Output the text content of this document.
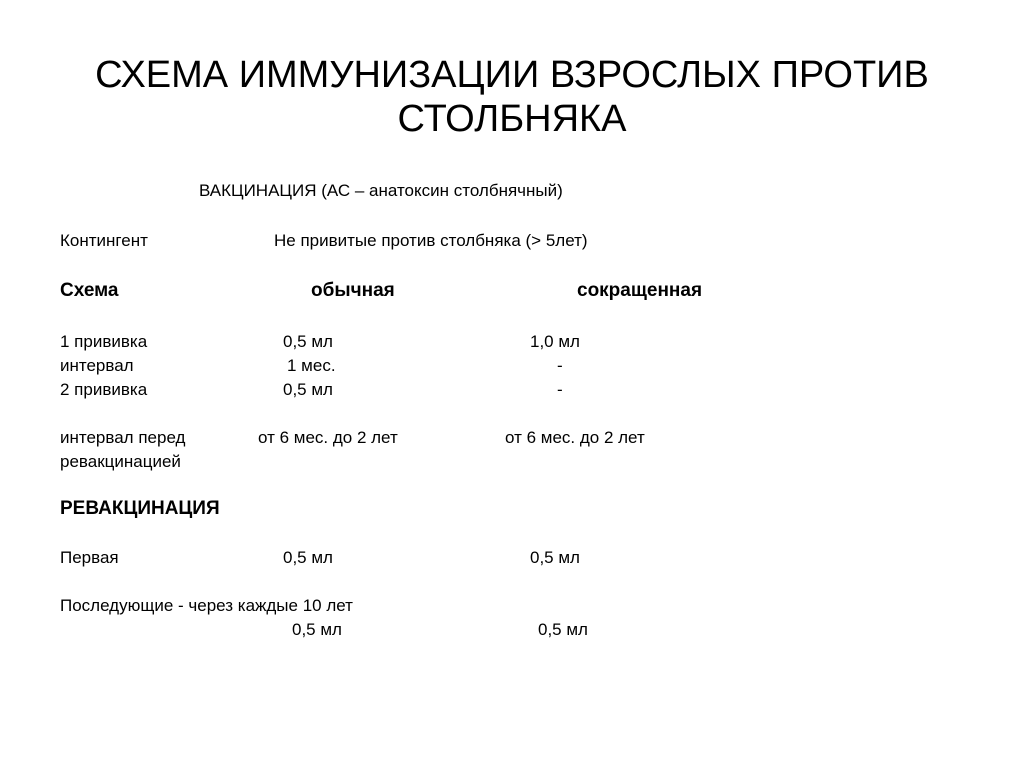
СХЕМА ИММУНИЗАЦИИ ВЗРОСЛЫХ ПРОТИВ
СТОЛБНЯКА
ВАКЦИНАЦИЯ (АС – анатоксин столбнячный)
Контингент	Не привитые против столбняка (> 5лет)
Схема	обычная	сокращенная
1 прививка	0,5 мл	1,0 мл
интервал	1 мес.	-
2 прививка	0,5 мл	-
интервал перед
ревакцинацией
от 6 мес. до 2 лет	от 6 мес. до 2 лет
РЕВАКЦИНАЦИЯ
Первая	0,5 мл	0,5 мл
Последующие - через каждые 10 лет
0,5 мл	0,5 мл
